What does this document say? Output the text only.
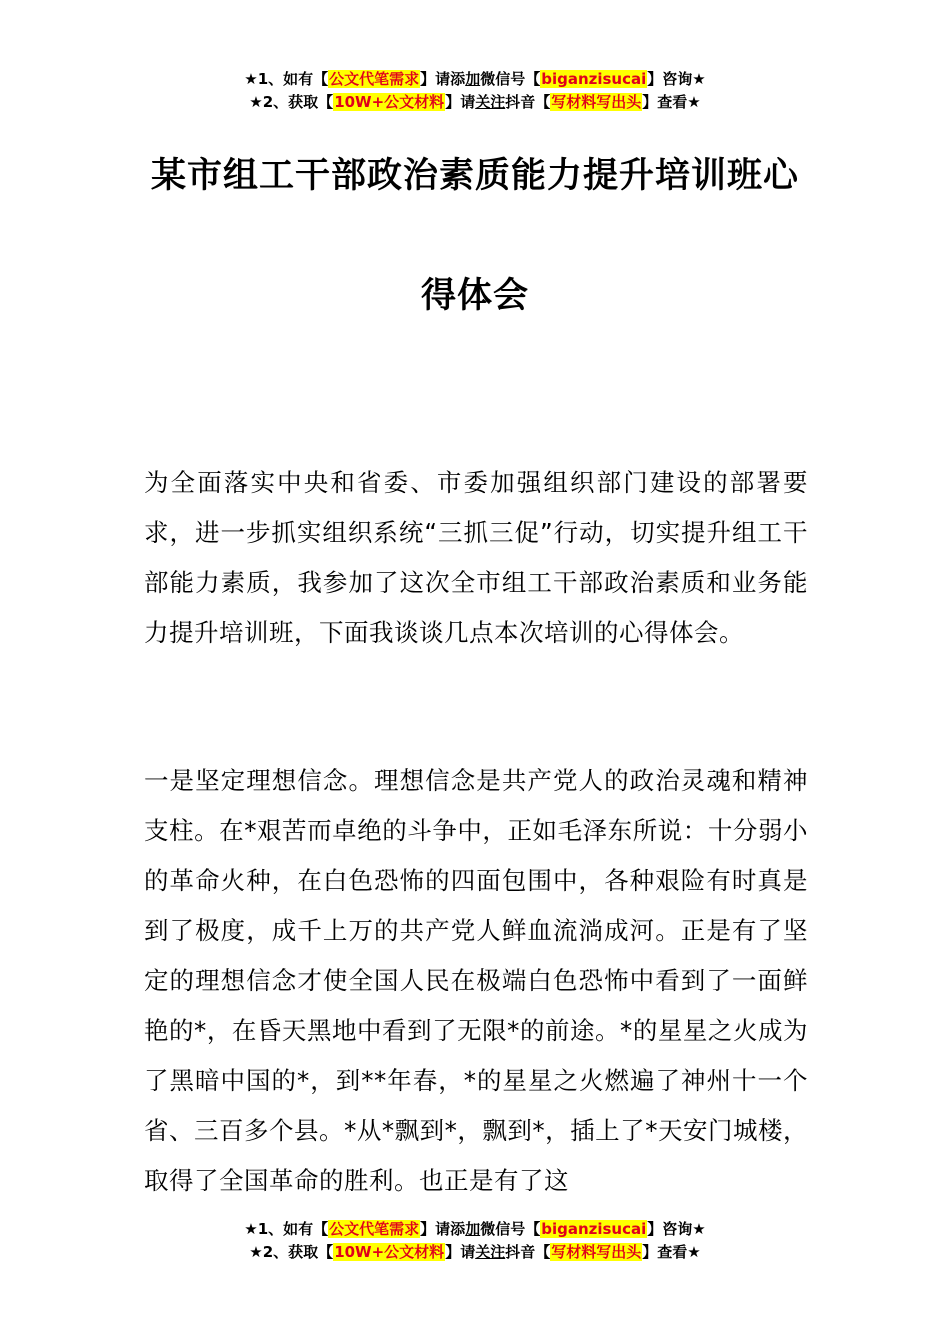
★1、如有【公文代笔需求】请添加微信号【biganzisucai】咨询★
★2、获取【10W+公文材料】请关注抖音【写材料写出头】查看★
某市组工干部政治素质能力提升培训班心
得体会

为全面落实中央和省委、市委加强组织部门建设的部署要求，进一步抓实组织系统“三抓三促”行动，切实提升组工干部能力素质，我参加了这次全市组工干部政治素质和业务能力提升培训班，下面我谈谈几点本次培训的心得体会。

一是坚定理想信念。理想信念是共产党人的政治灵魂和精神支柱。在*艰苦而卓绝的斗争中，正如毛泽东所说：十分弱小的革命火种，在白色恐怖的四面包围中，各种艰险有时真是到了极度，成千上万的共产党人鲜血流淌成河。正是有了坚定的理想信念才使全国人民在极端白色恐怖中看到了一面鲜艳的*，在昏天黑地中看到了无限*的前途。*的星星之火成为了黑暗中国的*，到**年春，*的星星之火燃遍了神州十一个省、三百多个县。*从*飘到*，飘到*，插上了*天安门城楼，取得了全国革命的胜利。也正是有了这

★1、如有【公文代笔需求】请添加微信号【biganzisucai】咨询★
★2、获取【10W+公文材料】请关注抖音【写材料写出头】查看★
